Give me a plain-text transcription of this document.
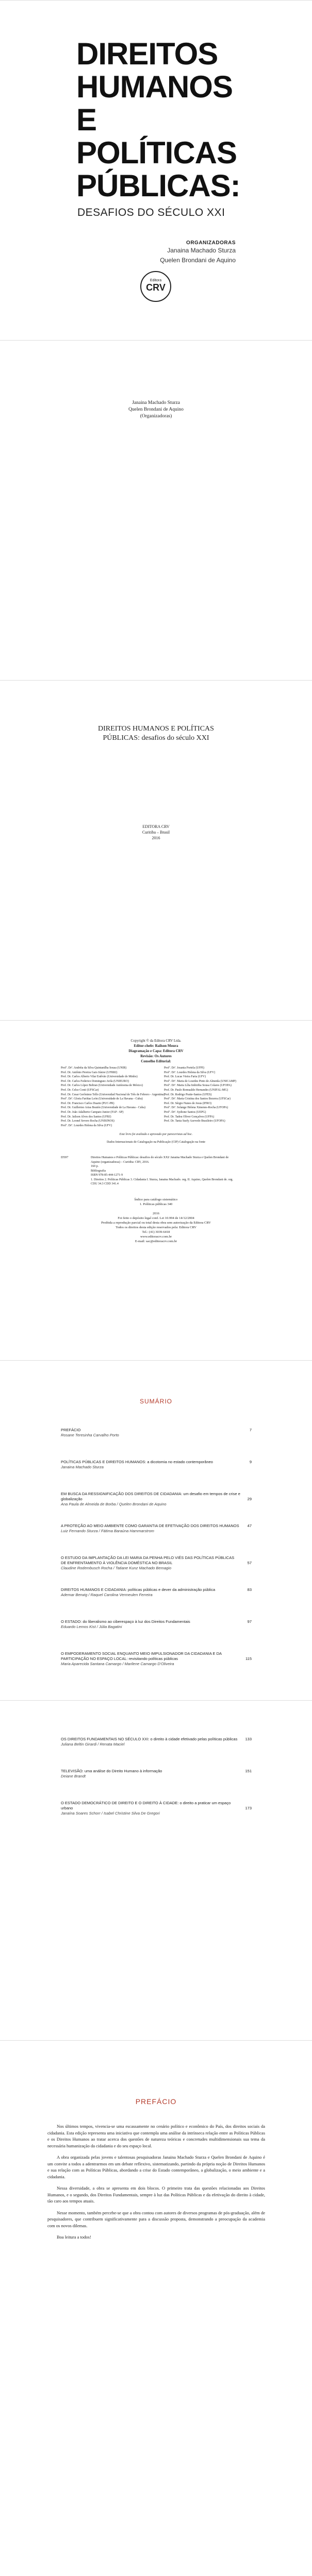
DIREITOS
HUMANOS
E
POLÍTICAS
PÚBLICAS:
DESAFIOS DO SÉCULO XXI
ORGANIZADORAS
Janaina Machado Sturza
Quelen Brondani de Aquino
Editora
CRV
Janaina Machado Sturza
Quelen Brondani de Aquino
(Organizadoras)
DIREITOS HUMANOS E POLÍTICAS PÚBLICAS: desafios do século XXI
EDITORA CRV
Curitiba – Brasil
2016
Copyright © da Editora CRV Ltda.
Editor-chefe: Railson Moura
Diagramação e Capa: Editora CRV
Revisão: Os Autores
Conselho Editorial:
Profª. Drª. Andréia da Silva Quintanilha Sousa (UNIR)
Prof. Dr. Antônio Pereira Gaio Júnior (UFRRJ)
Prof. Dr. Carlos Alberto Vilar Estêvão (Universidade do Minho)
Prof. Dr. Carlos Federico Dominguez Avila (UNIEURO)
Prof. Dr. Carlos López Beltran (Universidade Autónoma de México)
Prof. Dr. Celso Conti (UFSCar)
Prof. Dr. Cesar Gerônimo Tello (Universidad Nacional de Três de Febrero - Argentina)
Profª. Drª. Gloria Fariñas León (Universidade de La Havana - Cuba)
Prof. Dr. Francisco Carlos Duarte (PUC-PR)
Prof. Dr. Guillermo Arias Beatón (Universidade de La Havana - Cuba)
Prof. Dr. João Adalberto Campato Junior (FAP - SP)
Prof. Dr. Jailson Alves dos Santos (UFRJ)
Prof. Dr. Leonel Severo Rocha (UNISINOS)
Profª. Drª. Lourdes Helena da Silva (UFV)
Profª. Drª. Josania Portela (UFPI)
Profª. Drª. Lourdes Helena da Silva (UFV)
Prof. Dr. Lucas Vieira Faria (UFV)
Profª. Drª. Maria de Lourdes Pinto de Almeida (UNICAMP)
Profª. Drª. Maria Lília Imbiriba Sousa Colares (UFOPA)
Prof. Dr. Paulo Romualdo Hernandes (UNIFAL-MG)
Prof. Dr. Rodrigo Pratte-Santos (UFES)
Profª. Drª. Maria Cristina dos Santos Bezerra (UFSCar)
Prof. Dr. Sérgio Nunes de Jesus (IFRO)
Profª. Drª. Solange Helena Ximenes-Rocha (UFOPA)
Profª. Drª. Sydione Santos (UEPG)
Prof. Dr. Tadeu Oliver Gonçalves (UFPA)
Prof. Dr. Tania Suely Azevedo Brasileiro (UFOPA)
Este livro foi avaliado e aprovado por pareceristas ad hoc.
Dados Internacionais de Catalogação na Publicação (CIP) Catalogação na fonte
D597	Direitos Humanos e Políticas Públicas: desafios do século XXI/ Janaina Machado Sturza e Quelen Brondani de Aquino (organizadoras) – Curitiba: CRV, 2016.
160 p.
Bibliografia
ISBN 978-85-444-1271-9
1. Direitos 2. Políticas Públicas 3. Cidadania I. Sturza, Janaina Machado. org. II. Aquino, Quelen Brondani de. org.
CDU 34.3 CDD 341.4
Índice para catálogo sistemático
1. Políticas públicas 340
2016
Foi feito o depósito legal conf. Lei 10.994 de 14/12/2004
Proibida a reprodução parcial ou total desta obra sem autorização da Editora CRV
Todos os direitos desta edição reservados pela: Editora CRV
Tel.: (41) 3039-6418
www.editoracrv.com.br
E-mail: sac@editoracrv.com.br
SUMÁRIO
PREFÁCIO	7
Rosane Teresinha Carvalho Porto
POLÍTICAS PÚBLICAS E DIREITOS HUMANOS: a dicotomia no estado contemporâneo	9
Janaina Machado Sturza
EM BUSCA DA RESSIGNIFICAÇÃO DOS DIREITOS DE CIDADANIA: um desafio em tempos de crise e globalização	29
Ana Paula de Almeida de Borba / Quelen Brondani de Aquino
A PROTEÇÃO AO MEIO AMBIENTE COMO GARANTIA DE EFETIVAÇÃO DOS DIREITOS HUMANOS	47
Luiz Fernando Sturza / Fátima Baraúna Hammarstrom
O ESTUDO DA IMPLANTAÇÃO DA LEI MARIA DA PENHA PELO VIÉS DAS POLÍTICAS PÚBLICAS DE ENFRENTAMENTO À VIOLÊNCIA DOMÉSTICA NO BRASIL	57
Claudine Rodembusch Rocha / Tatiane Kunz Machado Bemagio
DIREITOS HUMANOS E CIDADANIA: políticas públicas e dever da administração pública	83
Ademar Berwig / Raquel Carolina Vermeulen Ferreira
O ESTADO: do liberalismo ao ciberespaço à luz dos Direitos Fundamentais	97
Eduardo Lemos Kist / Júlia Bagatini
O EMPODERAMENTO SOCIAL ENQUANTO MEIO IMPULSIONADOR DA CIDADANIA E DA PARTICIPAÇÃO NO ESPAÇO LOCAL: revisitando políticas públicas	115
Maria Aparecida Santana Camargo / Marilene Camargo D'Oliveira
OS DIREITOS FUNDAMENTAIS NO SÉCULO XXI: o direito à cidade efetivado pelas políticas públicas	133
Juliana Beltin Girardi / Renata Maciel
TELEVISÃO: uma análise do Direito Humano à informação	151
Deiane Brandt
O ESTADO DEMOCRÁTICO DE DIREITO E O DIREITO À CIDADE: o direito a praticar um espaço urbano	173
Janaína Soares Schorr / Isabel Christine Silva De Gregori
PREFÁCIO

Nos últimos tempos, vivencia-se uma escassamente no cenário político e econômico do País, dos direitos sociais da cidadania. Esta edição representa uma iniciativa que contempla uma análise da intrínseca relação entre as Políticas Públicas e os Direitos Humanos ao tratar acerca dos questões de natureza teóricas e concretudes multidimensionais sua tema da necessária humanização da cidadania e do seu espaço local.

A obra organizada pelas jovens e talentosas pesquisadoras Janaina Machado Sturza e Quelen Brondani de Aquino é um convite a todos a adentrarmos em um debate reflexivo, sistematizando, partindo da própria noção de Direitos Humanos e sua relação com as Políticas Públicas, abordando a crise do Estado contemporâneo, a globalização, o meio ambiente e a cidadania.

Nessa diversidade, a obra se apresenta em dois blocos. O primeiro trata das questões relacionadas aos Direitos Humanos, e o segundo, dos Direitos Fundamentais, sempre à luz das Políticas Públicas e da efetivação do direito à cidade, tão caro aos tempos atuais.

Nesse momento, também percebe-se que a obra contou com autores de diversos programas de pós-graduação, além de pesquisadores, que contribuem significativamente para a discussão proposta, demonstrando a preocupação da academia com os novos dilemas.

Boa leitura a todos!
